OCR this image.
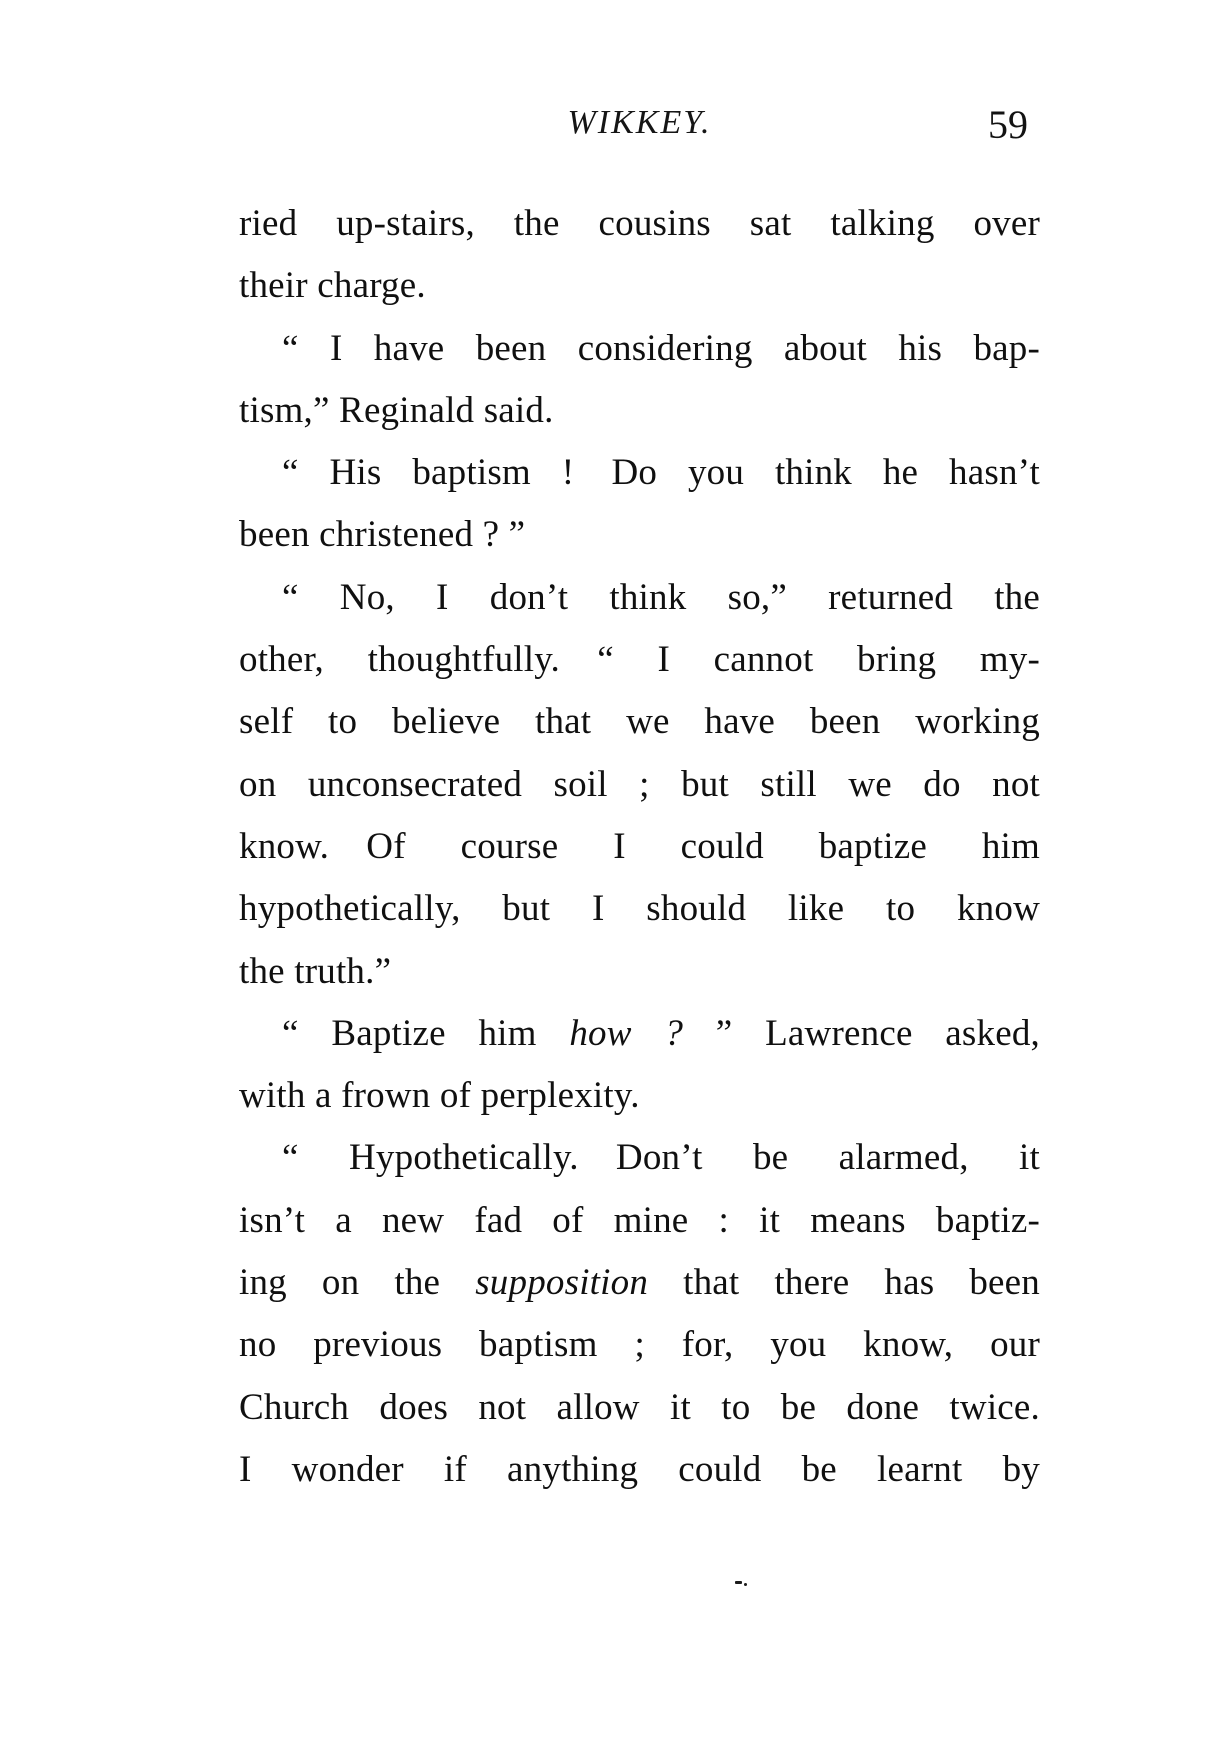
WIKKEY.	59
ried up-stairs, the cousins sat talking over
their charge.
“ I have been considering about his bap-
tism,” Reginald said.
“ His baptism ! Do you think he hasn’t
been christened ? ”
“ No, I don’t think so,” returned the
other, thoughtfully. “ I cannot bring my-
self to believe that we have been working
on unconsecrated soil ; but still we do not
know. Of course I could baptize him
hypothetically, but I should like to know
the truth.”
“ Baptize him how ? ” Lawrence asked,
with a frown of perplexity.
“ Hypothetically. Don’t be alarmed, it
isn’t a new fad of mine : it means baptiz-
ing on the supposition that there has been
no previous baptism ; for, you know, our
Church does not allow it to be done twice.
I wonder if anything could be learnt by
